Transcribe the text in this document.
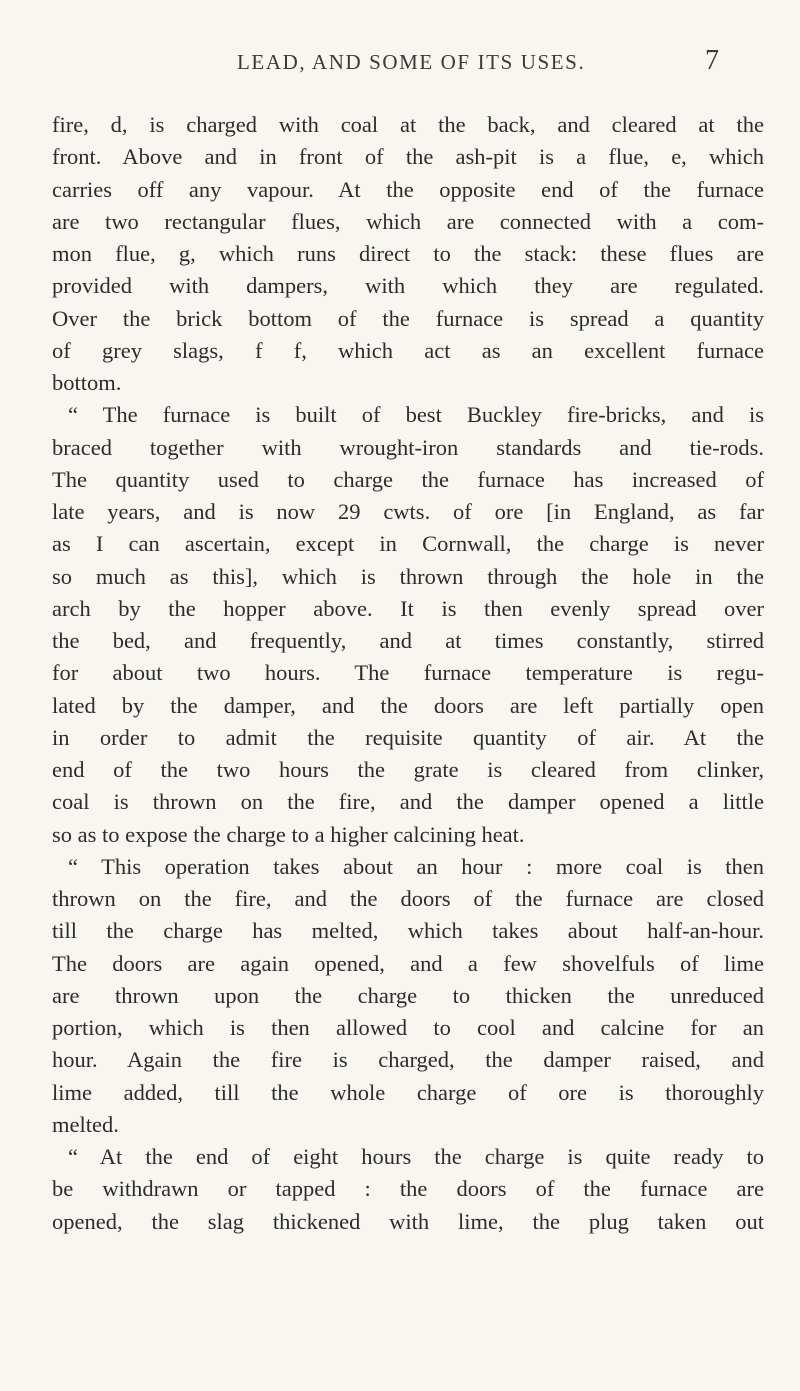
LEAD, AND SOME OF ITS USES.	7
fire, d, is charged with coal at the back, and cleared at the
front. Above and in front of the ash-pit is a flue, e, which
carries off any vapour. At the opposite end of the furnace
are two rectangular flues, which are connected with a com-
mon flue, g, which runs direct to the stack: these flues are
provided with dampers, with which they are regulated.
Over the brick bottom of the furnace is spread a quantity
of grey slags, f f, which act as an excellent furnace
bottom.
“ The furnace is built of best Buckley fire-bricks, and is
braced together with wrought-iron standards and tie-rods.
The quantity used to charge the furnace has increased of
late years, and is now 29 cwts. of ore [in England, as far
as I can ascertain, except in Cornwall, the charge is never
so much as this], which is thrown through the hole in the
arch by the hopper above. It is then evenly spread over
the bed, and frequently, and at times constantly, stirred
for about two hours. The furnace temperature is regu-
lated by the damper, and the doors are left partially open
in order to admit the requisite quantity of air. At the
end of the two hours the grate is cleared from clinker,
coal is thrown on the fire, and the damper opened a little
so as to expose the charge to a higher calcining heat.
“ This operation takes about an hour : more coal is then
thrown on the fire, and the doors of the furnace are closed
till the charge has melted, which takes about half-an-hour.
The doors are again opened, and a few shovelfuls of lime
are thrown upon the charge to thicken the unreduced
portion, which is then allowed to cool and calcine for an
hour. Again the fire is charged, the damper raised, and
lime added, till the whole charge of ore is thoroughly
melted.
“ At the end of eight hours the charge is quite ready to
be withdrawn or tapped : the doors of the furnace are
opened, the slag thickened with lime, the plug taken out
